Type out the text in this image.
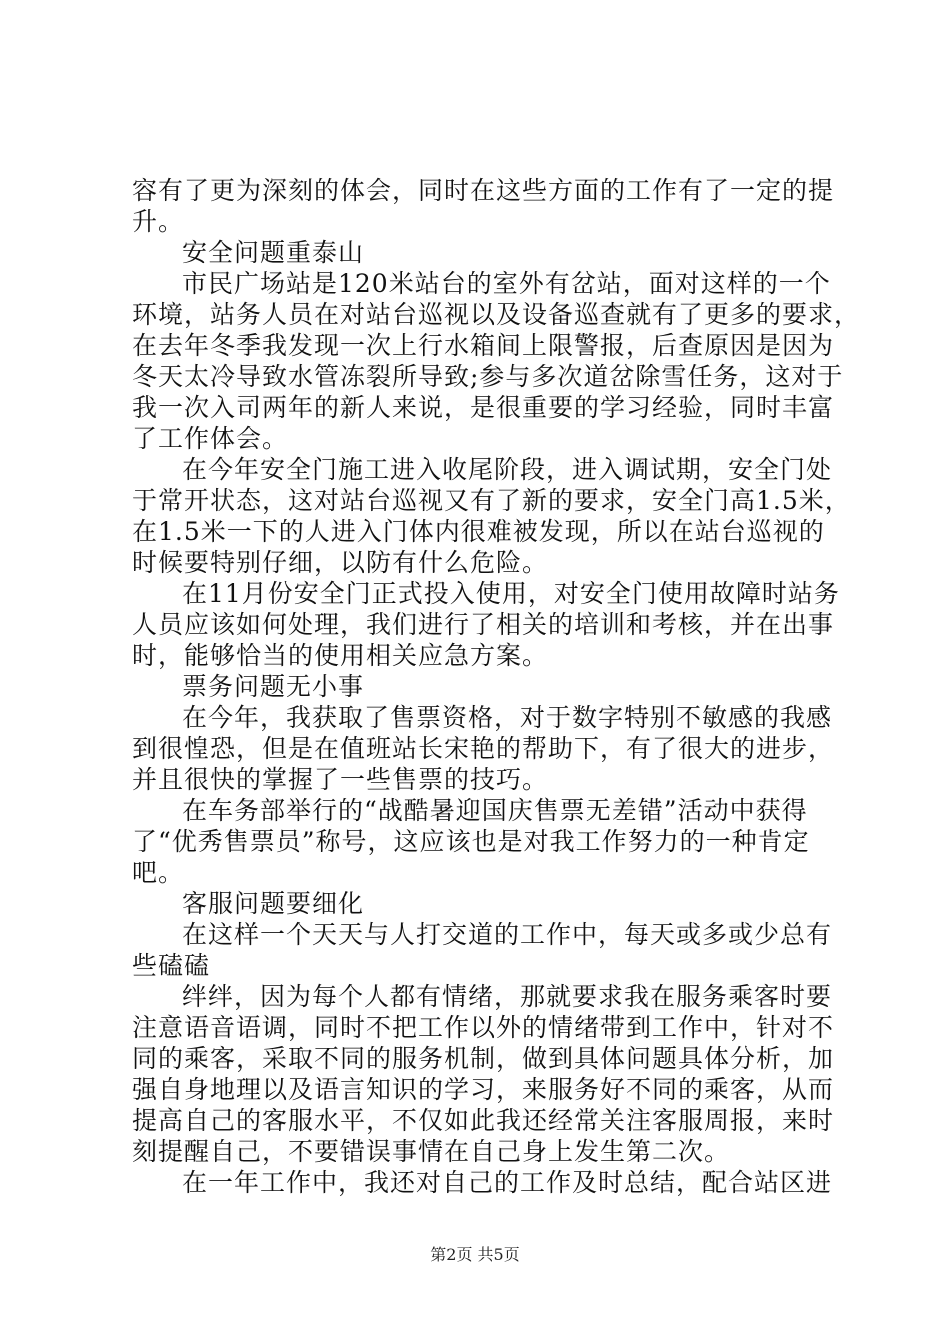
容有了更为深刻的体会，同时在这些方面的工作有了一定的提
升。
安全问题重泰山
市民广场站是120米站台的室外有岔站，面对这样的一个
环境，站务人员在对站台巡视以及设备巡查就有了更多的要求，
在去年冬季我发现一次上行水箱间上限警报，后查原因是因为
冬天太冷导致水管冻裂所导致;参与多次道岔除雪任务，这对于
我一次入司两年的新人来说，是很重要的学习经验，同时丰富
了工作体会。
在今年安全门施工进入收尾阶段，进入调试期，安全门处
于常开状态，这对站台巡视又有了新的要求，安全门高1.5米，
在1.5米一下的人进入门体内很难被发现，所以在站台巡视的
时候要特别仔细，以防有什么危险。
在11月份安全门正式投入使用，对安全门使用故障时站务
人员应该如何处理，我们进行了相关的培训和考核，并在出事
时，能够恰当的使用相关应急方案。
票务问题无小事
在今年，我获取了售票资格，对于数字特别不敏感的我感
到很惶恐，但是在值班站长宋艳的帮助下，有了很大的进步，
并且很快的掌握了一些售票的技巧。
在车务部举行的“战酷暑迎国庆售票无差错”活动中获得
了“优秀售票员”称号，这应该也是对我工作努力的一种肯定
吧。
客服问题要细化
在这样一个天天与人打交道的工作中，每天或多或少总有
些磕磕
绊绊，因为每个人都有情绪，那就要求我在服务乘客时要
注意语音语调，同时不把工作以外的情绪带到工作中，针对不
同的乘客，采取不同的服务机制，做到具体问题具体分析，加
强自身地理以及语言知识的学习，来服务好不同的乘客，从而
提高自己的客服水平，不仅如此我还经常关注客服周报，来时
刻提醒自己，不要错误事情在自己身上发生第二次。
在一年工作中，我还对自己的工作及时总结，配合站区进
第2页 共5页
